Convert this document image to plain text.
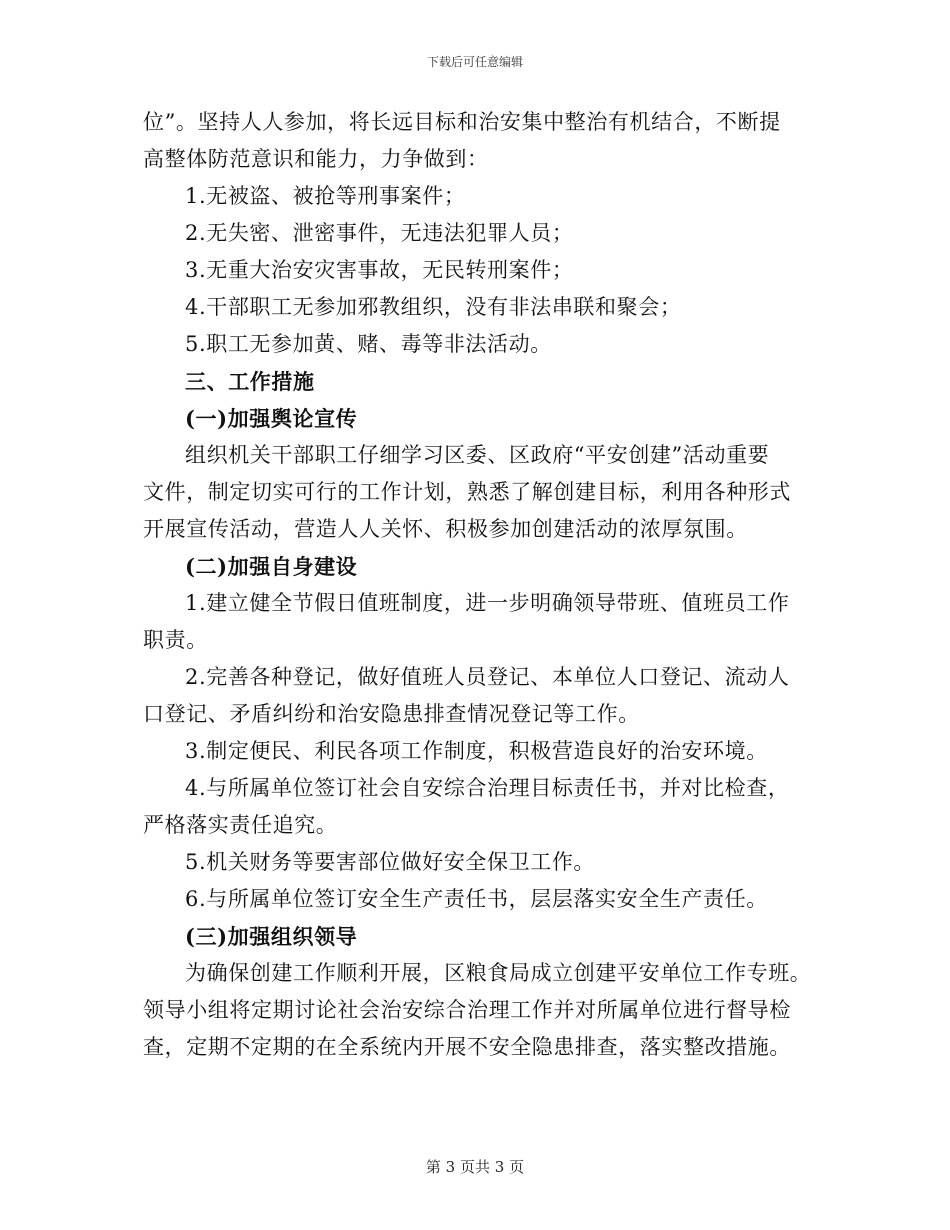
下载后可任意编辑
位”。坚持人人参加，将长远目标和治安集中整治有机结合，不断提
高整体防范意识和能力，力争做到：
1.无被盗、被抢等刑事案件；
2.无失密、泄密事件，无违法犯罪人员；
3.无重大治安灾害事故，无民转刑案件；
4.干部职工无参加邪教组织，没有非法串联和聚会；
5.职工无参加黄、赌、毒等非法活动。
三、工作措施
(一)加强舆论宣传
组织机关干部职工仔细学习区委、区政府“平安创建”活动重要
文件，制定切实可行的工作计划，熟悉了解创建目标，利用各种形式
开展宣传活动，营造人人关怀、积极参加创建活动的浓厚氛围。
(二)加强自身建设
1.建立健全节假日值班制度，进一步明确领导带班、值班员工作
职责。
2.完善各种登记，做好值班人员登记、本单位人口登记、流动人
口登记、矛盾纠纷和治安隐患排查情况登记等工作。
3.制定便民、利民各项工作制度，积极营造良好的治安环境。
4.与所属单位签订社会自安综合治理目标责任书，并对比检查，
严格落实责任追究。
5.机关财务等要害部位做好安全保卫工作。
6.与所属单位签订安全生产责任书，层层落实安全生产责任。
(三)加强组织领导
为确保创建工作顺利开展，区粮食局成立创建平安单位工作专班。
领导小组将定期讨论社会治安综合治理工作并对所属单位进行督导检
查，定期不定期的在全系统内开展不安全隐患排查，落实整改措施。
第 3 页共 3 页
